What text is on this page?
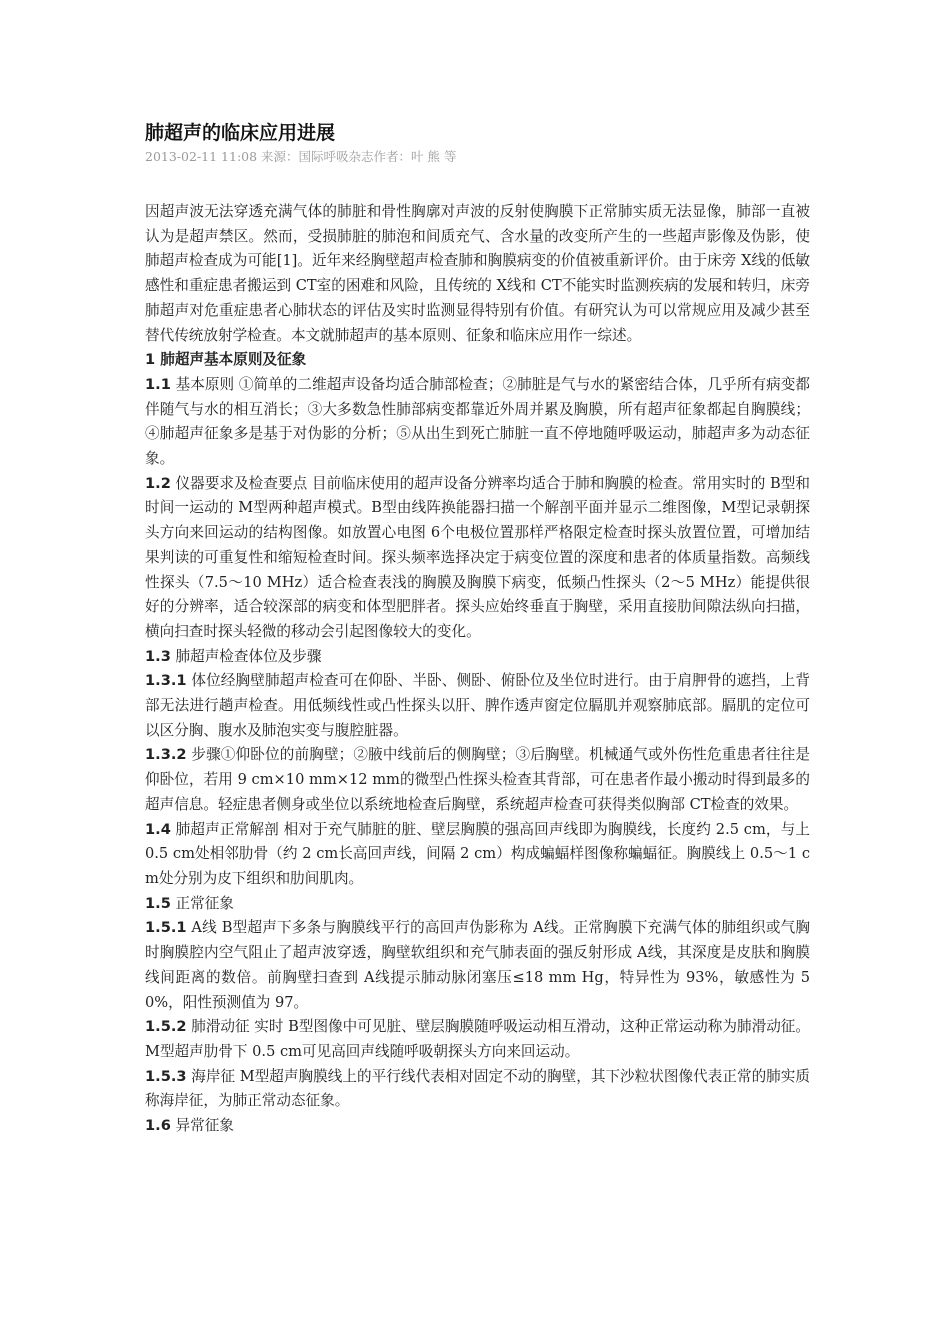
肺超声的临床应用进展

2013-02-11 11:08 来源：国际呼吸杂志作者：叶 熊 等

因超声波无法穿透充满气体的肺脏和骨性胸廓对声波的反射使胸膜下正常肺实质无法显像，肺部一直被认为是超声禁区。然而，受损肺脏的肺泡和间质充气、含水量的改变所产生的一些超声影像及伪影，使肺超声检查成为可能[1]。近年来经胸壁超声检查肺和胸膜病变的价值被重新评价。由于床旁 X线的低敏感性和重症患者搬运到 CT室的困难和风险，且传统的 X线和 CT不能实时监测疾病的发展和转归，床旁肺超声对危重症患者心肺状态的评估及实时监测显得特别有价值。有研究认为可以常规应用及减少甚至替代传统放射学检查。本文就肺超声的基本原则、征象和临床应用作一综述。

1 肺超声基本原则及征象

1.1 基本原则 ①简单的二维超声设备均适合肺部检查；②肺脏是气与水的紧密结合体，几乎所有病变都伴随气与水的相互消长；③大多数急性肺部病变都靠近外周并累及胸膜，所有超声征象都起自胸膜线；④肺超声征象多是基于对伪影的分析；⑤从出生到死亡肺脏一直不停地随呼吸运动，肺超声多为动态征象。

1.2 仪器要求及检查要点 目前临床使用的超声设备分辨率均适合于肺和胸膜的检查。常用实时的 B型和时间一运动的 M型两种超声模式。B型由线阵换能器扫描一个解剖平面并显示二维图像，M型记录朝探头方向来回运动的结构图像。如放置心电图 6个电极位置那样严格限定检查时探头放置位置，可增加结果判读的可重复性和缩短检查时间。探头频率选择决定于病变位置的深度和患者的体质量指数。高频线性探头（7.5～10 MHz）适合检查表浅的胸膜及胸膜下病变，低频凸性探头（2～5 MHz）能提供很好的分辨率，适合较深部的病变和体型肥胖者。探头应始终垂直于胸壁，采用直接肋间隙法纵向扫描，横向扫查时探头轻微的移动会引起图像较大的变化。

1.3 肺超声检查体位及步骤

1.3.1 体位经胸壁肺超声检查可在仰卧、半卧、侧卧、俯卧位及坐位时进行。由于肩胛骨的遮挡，上背部无法进行趟声检查。用低频线性或凸性探头以肝、脾作透声窗定位膈肌并观察肺底部。膈肌的定位可以区分胸、腹水及肺泡实变与腹腔脏器。

1.3.2 步骤①仰卧位的前胸壁；②腋中线前后的侧胸壁；③后胸壁。机械通气或外伤性危重患者往往是仰卧位，若用 9 cm×10 mm×12 mm的微型凸性探头检查其背部，可在患者作最小搬动时得到最多的超声信息。轻症患者侧身或坐位以系统地检查后胸壁，系统超声检查可获得类似胸部 CT检查的效果。

1.4 肺超声正常解剖 相对于充气肺脏的脏、壁层胸膜的强高回声线即为胸膜线，长度约 2.5 cm，与上 0.5 cm处相邻肋骨（约 2 cm长高回声线，间隔 2 cm）构成蝙蝠样图像称蝙蝠征。胸膜线上 0.5～1 cm处分别为皮下组织和肋间肌肉。

1.5 正常征象

1.5.1 A线 B型超声下多条与胸膜线平行的高回声伪影称为 A线。正常胸膜下充满气体的肺组织或气胸时胸膜腔内空气阻止了超声波穿透，胸壁软组织和充气肺表面的强反射形成 A线，其深度是皮肤和胸膜线间距离的数倍。前胸壁扫查到 A线提示肺动脉闭塞压≤18 mm Hg，特异性为 93%，敏感性为 50%，阳性预测值为 97。

1.5.2 肺滑动征 实时 B型图像中可见脏、壁层胸膜随呼吸运动相互滑动，这种正常运动称为肺滑动征。M型超声肋骨下 0.5 cm可见高回声线随呼吸朝探头方向来回运动。

1.5.3 海岸征 M型超声胸膜线上的平行线代表相对固定不动的胸壁，其下沙粒状图像代表正常的肺实质称海岸征，为肺正常动态征象。

1.6 异常征象
